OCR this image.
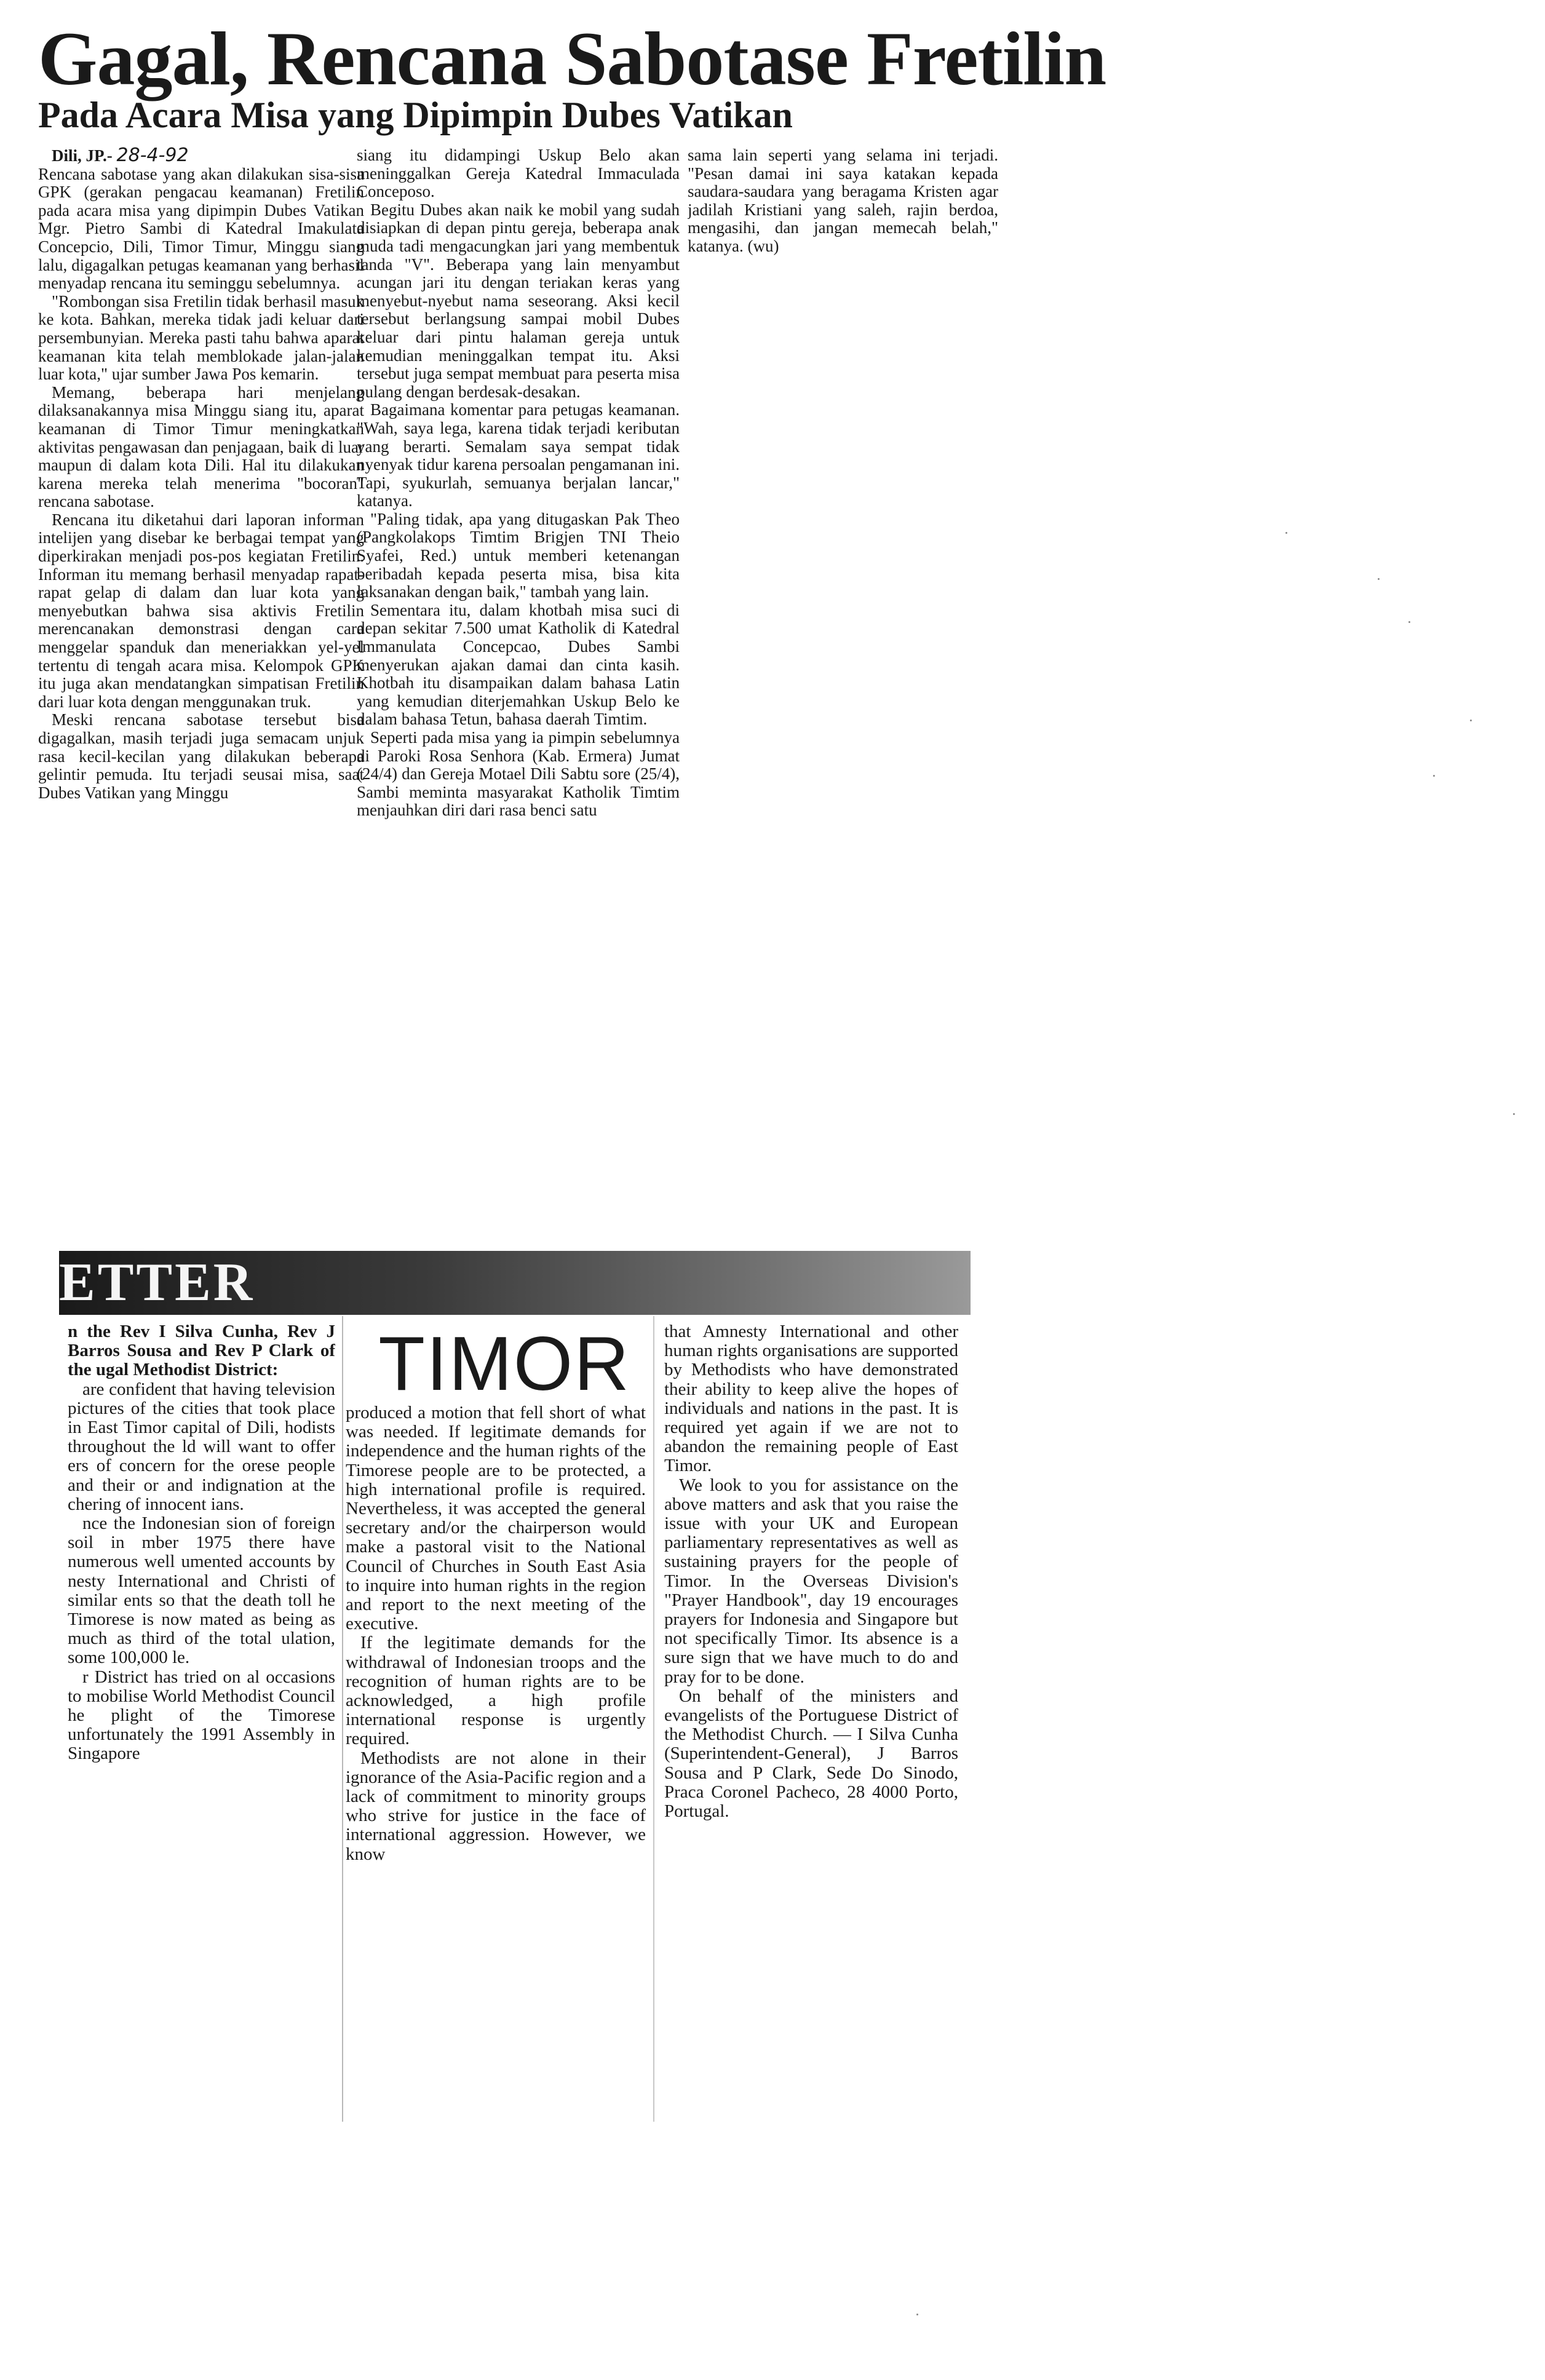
Gagal, Rencana Sabotase Fretilin
Pada Acara Misa yang Dipimpin Dubes Vatikan

Dili, JP.- 28-4-92
Rencana sabotase yang akan dilakukan sisa-sisa GPK (gerakan pengacau keamanan) Fretilin pada acara misa yang dipimpin Dubes Vatikan Mgr. Pietro Sambi di Katedral Imakulata Concepcio, Dili, Timor Timur, Minggu siang lalu, digagalkan petugas keamanan yang berhasil menyadap rencana itu seminggu sebelumnya.

"Rombongan sisa Fretilin tidak berhasil masuk ke kota. Bahkan, mereka tidak jadi keluar dari persembunyian. Mereka pasti tahu bahwa aparat keamanan kita telah memblokade jalan-jalan luar kota," ujar sumber Jawa Pos kemarin.

Memang, beberapa hari menjelang dilaksanakannya misa Minggu siang itu, aparat keamanan di Timor Timur meningkatkan aktivitas pengawasan dan penjagaan, baik di luar maupun di dalam kota Dili. Hal itu dilakukan karena mereka telah menerima "bocoran" rencana sabotase.

Rencana itu diketahui dari laporan informan intelijen yang disebar ke berbagai tempat yang diperkirakan menjadi pos-pos kegiatan Fretilin. Informan itu memang berhasil menyadap rapat-rapat gelap di dalam dan luar kota yang menyebutkan bahwa sisa aktivis Fretilin merencanakan demonstrasi dengan cara menggelar spanduk dan meneriakkan yel-yel tertentu di tengah acara misa. Kelompok GPK itu juga akan mendatangkan simpatisan Fretilin dari luar kota dengan menggunakan truk.

Meski rencana sabotase tersebut bisa digagalkan, masih terjadi juga semacam unjuk rasa kecil-kecilan yang dilakukan beberapa gelintir pemuda. Itu terjadi seusai misa, saat Dubes Vatikan yang Minggu

siang itu didampingi Uskup Belo akan meninggalkan Gereja Katedral Immaculada Conceposo.

Begitu Dubes akan naik ke mobil yang sudah disiapkan di depan pintu gereja, beberapa anak muda tadi mengacungkan jari yang membentuk tanda "V". Beberapa yang lain menyambut acungan jari itu dengan teriakan keras yang menyebut-nyebut nama seseorang. Aksi kecil tersebut berlangsung sampai mobil Dubes keluar dari pintu halaman gereja untuk kemudian meninggalkan tempat itu. Aksi tersebut juga sempat membuat para peserta misa pulang dengan berdesak-desakan.

Bagaimana komentar para petugas keamanan. "Wah, saya lega, karena tidak terjadi keributan yang berarti. Semalam saya sempat tidak nyenyak tidur karena persoalan pengamanan ini. Tapi, syukurlah, semuanya berjalan lancar," katanya.

"Paling tidak, apa yang ditugaskan Pak Theo (Pangkolakops Timtim Brigjen TNI Theio Syafei, Red.) untuk memberi ketenangan beribadah kepada peserta misa, bisa kita laksanakan dengan baik," tambah yang lain.

Sementara itu, dalam khotbah misa suci di depan sekitar 7.500 umat Katholik di Katedral Immanulata Concepcao, Dubes Sambi menyerukan ajakan damai dan cinta kasih. Khotbah itu disampaikan dalam bahasa Latin yang kemudian diterjemahkan Uskup Belo ke dalam bahasa Tetun, bahasa daerah Timtim.

Seperti pada misa yang ia pimpin sebelumnya di Paroki Rosa Senhora (Kab. Ermera) Jumat (24/4) dan Gereja Motael Dili Sabtu sore (25/4), Sambi meminta masyarakat Katholik Timtim menjauhkan diri dari rasa benci satu

sama lain seperti yang selama ini terjadi. "Pesan damai ini saya katakan kepada saudara-saudara yang beragama Kristen agar jadilah Kristiani yang saleh, rajin berdoa, mengasihi, dan jangan memecah belah," katanya. (wu)

ETTER

n the Rev I Silva Cunha, Rev J Barros Sousa and Rev P Clark of the ugal Methodist District:

are confident that having television pictures of the cities that took place in East Timor capital of Dili, hodists throughout the ld will want to offer ers of concern for the orese people and their or and indignation at the chering of innocent ians.

nce the Indonesian sion of foreign soil in mber 1975 there have numerous well umented accounts by nesty International and Christi of similar ents so that the death toll he Timorese is now mated as being as much as third of the total ulation, some 100,000 le.

r District has tried on al occasions to mobilise World Methodist Council he plight of the Timorese unfortunately the 1991 Assembly in Singapore

TIMOR

produced a motion that fell short of what was needed. If legitimate demands for independence and the human rights of the Timorese people are to be protected, a high international profile is required. Nevertheless, it was accepted the general secretary and/or the chairperson would make a pastoral visit to the National Council of Churches in South East Asia to inquire into human rights in the region and report to the next meeting of the executive.

If the legitimate demands for the withdrawal of Indonesian troops and the recognition of human rights are to be acknowledged, a high profile international response is urgently required.

Methodists are not alone in their ignorance of the Asia-Pacific region and a lack of commitment to minority groups who strive for justice in the face of international aggression. However, we know

that Amnesty International and other human rights organisations are supported by Methodists who have demonstrated their ability to keep alive the hopes of individuals and nations in the past. It is required yet again if we are not to abandon the remaining people of East Timor.

We look to you for assistance on the above matters and ask that you raise the issue with your UK and European parliamentary representatives as well as sustaining prayers for the people of Timor. In the Overseas Division's "Prayer Handbook", day 19 encourages prayers for Indonesia and Singapore but not specifically Timor. Its absence is a sure sign that we have much to do and pray for to be done.

On behalf of the ministers and evangelists of the Portuguese District of the Methodist Church. — I Silva Cunha (Superintendent-General), J Barros Sousa and P Clark, Sede Do Sinodo, Praca Coronel Pacheco, 28 4000 Porto, Portugal.
